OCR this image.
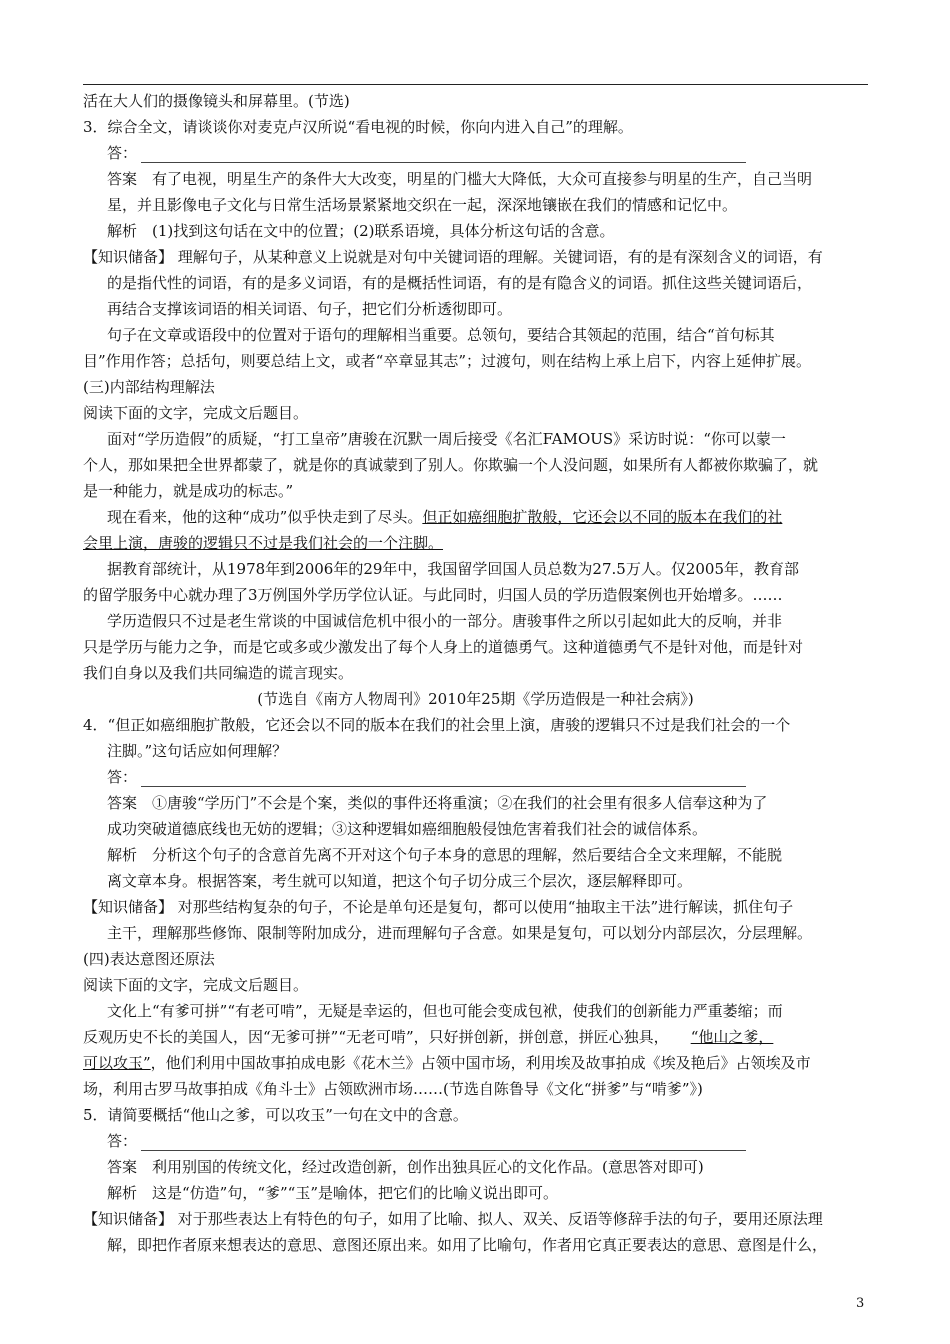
活在大人们的摄像镜头和屏幕里。(节选)

3．综合全文，请谈谈你对麦克卢汉所说“看电视的时候，你向内进入自己”的理解。

答：

答案　有了电视，明星生产的条件大大改变，明星的门槛大大降低，大众可直接参与明星的生产，自己当明

星，并且影像电子文化与日常生活场景紧紧地交织在一起，深深地镶嵌在我们的情感和记忆中。

解析　(1)找到这句话在文中的位置；(2)联系语境，具体分析这句话的含意。

【知识储备】 理解句子，从某种意义上说就是对句中关键词语的理解。关键词语，有的是有深刻含义的词语，有

的是指代性的词语，有的是多义词语，有的是概括性词语，有的是有隐含义的词语。抓住这些关键词语后，

再结合支撑该词语的相关词语、句子，把它们分析透彻即可。

句子在文章或语段中的位置对于语句的理解相当重要。总领句，要结合其领起的范围，结合“首句标其

目”作用作答；总括句，则要总结上文，或者“卒章显其志”；过渡句，则在结构上承上启下，内容上延伸扩展。

(三)内部结构理解法

阅读下面的文字，完成文后题目。

面对“学历造假”的质疑，“打工皇帝”唐骏在沉默一周后接受《名汇FAMOUS》采访时说：“你可以蒙一

个人，那如果把全世界都蒙了，就是你的真诚蒙到了别人。你欺骗一个人没问题，如果所有人都被你欺骗了，就

是一种能力，就是成功的标志。”

现在看来，他的这种“成功”似乎快走到了尽头。但正如癌细胞扩散般，它还会以不同的版本在我们的社

会里上演，唐骏的逻辑只不过是我们社会的一个注脚。

据教育部统计，从1978年到2006年的29年中，我国留学回国人员总数为27.5万人。仅2005年，教育部

的留学服务中心就办理了3万例国外学历学位认证。与此同时，归国人员的学历造假案例也开始增多。……

学历造假只不过是老生常谈的中国诚信危机中很小的一部分。唐骏事件之所以引起如此大的反响，并非

只是学历与能力之争，而是它或多或少激发出了每个人身上的道德勇气。这种道德勇气不是针对他，而是针对

我们自身以及我们共同编造的谎言现实。

(节选自《南方人物周刊》2010年25期《学历造假是一种社会病》)

4．“但正如癌细胞扩散般，它还会以不同的版本在我们的社会里上演，唐骏的逻辑只不过是我们社会的一个

注脚。”这句话应如何理解？

答：

答案　①唐骏“学历门”不会是个案，类似的事件还将重演；②在我们的社会里有很多人信奉这种为了

成功突破道德底线也无妨的逻辑；③这种逻辑如癌细胞般侵蚀危害着我们社会的诚信体系。

解析　分析这个句子的含意首先离不开对这个句子本身的意思的理解，然后要结合全文来理解，不能脱

离文章本身。根据答案，考生就可以知道，把这个句子切分成三个层次，逐层解释即可。

【知识储备】 对那些结构复杂的句子，不论是单句还是复句，都可以使用“抽取主干法”进行解读，抓住句子

主干，理解那些修饰、限制等附加成分，进而理解句子含意。如果是复句，可以划分内部层次，分层理解。

(四)表达意图还原法

阅读下面的文字，完成文后题目。

文化上“有爹可拼”“有老可啃”，无疑是幸运的，但也可能会变成包袱，使我们的创新能力严重萎缩；而

反观历史不长的美国人，因“无爹可拼”“无老可啃”，只好拼创新，拼创意，拼匠心独具， “他山之爹，

可以攻玉”，他们利用中国故事拍成电影《花木兰》占领中国市场，利用埃及故事拍成《埃及艳后》占领埃及市

场，利用古罗马故事拍成《角斗士》占领欧洲市场……(节选自陈鲁导《文化“拼爹”与“啃爹”》)

5．请简要概括“他山之爹，可以攻玉”一句在文中的含意。

答：

答案　利用别国的传统文化，经过改造创新，创作出独具匠心的文化作品。(意思答对即可)

解析　这是“仿造”句，“爹”“玉”是喻体，把它们的比喻义说出即可。

【知识储备】 对于那些表达上有特色的句子，如用了比喻、拟人、双关、反语等修辞手法的句子，要用还原法理

解，即把作者原来想表达的意思、意图还原出来。如用了比喻句，作者用它真正要表达的意思、意图是什么，

3
